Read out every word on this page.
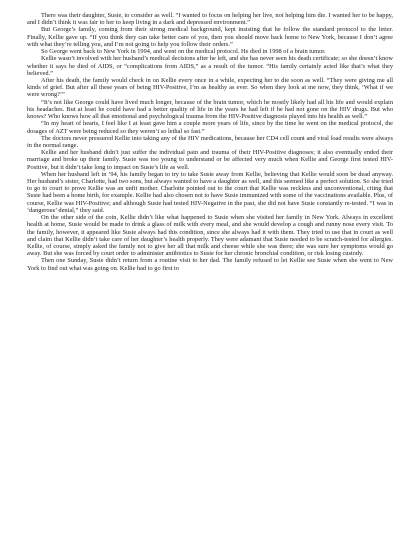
There was their daughter, Susie, to consider as well. “I wanted to focus on helping her live, not helping him die. I wanted her to be happy, and I didn’t think it was fair to her to keep living in a dark and depressed environment.”

But George’s family, coming from their strong medical background, kept insisting that he follow the standard protocol to the letter. Finally, Kellie gave up. “If you think they can take better care of you, then you should move back home to New York, because I don’t agree with what they’re telling you, and I’m not going to help you follow their orders.”

So George went back to New York in 1994, and went on the medical protocol. He died in 1998 of a brain tumor.

Kellie wasn’t involved with her husband’s medical decisions after he left, and she has never seen his death certificate; so she doesn’t know whether it says he died of AIDS, or “complications from AIDS,” as a result of the tumor. “His family certainly acted like that’s what they believed.”

After his death, the family would check in on Kellie every once in a while, expecting her to die soon as well. “They were giving me all kinds of grief. But after all these years of being HIV-Positive, I’m as healthy as ever. So when they look at me now, they think, ‘What if we were wrong?’”

“It’s not like George could have lived much longer, because of the brain tumor, which he mostly likely had all his life and would explain his headaches. But at least he could have had a better quality of life in the years he had left if he had not gone on the HIV drugs. But who knows? Who knows how all that emotional and psychological trauma from the HIV-Positive diagnosis played into his health as well.”

“In my heart of hearts, I feel like I at least gave him a couple more years of life, since by the time he went on the medical protocol, the dosages of AZT were being reduced so they weren’t so lethal so fast.”

The doctors never pressured Kellie into taking any of the HIV medications, because her CD4 cell count and viral load results were always in the normal range.

Kellie and her husband didn’t just suffer the individual pain and trauma of their HIV-Positive diagnoses; it also eventually ended their marriage and broke up their family. Susie was too young to understand or be affected very much when Kellie and George first tested HIV-Positive, but it didn’t take long to impact on Susie’s life as well.

When her husband left in ’94, his family began to try to take Susie away from Kellie, believing that Kellie would soon be dead anyway. Her husband’s sister, Charlotte, had two sons, but always wanted to have a daughter as well, and this seemed like a perfect solution. So she tried to go to court to prove Kellie was an unfit mother. Charlotte pointed out to the court that Kellie was reckless and unconventional, citing that Susie had been a home birth, for example. Kellie had also chosen not to have Susie immunized with some of the vaccinations available. Plus, of course, Kellie was HIV-Positive; and although Susie had tested HIV-Negative in the past, she did not have Susie constantly re-tested. “I was in ‘dangerous’ denial,” they said.

On the other side of the coin, Kellie didn’t like what happened to Susie when she visited her family in New York. Always in excellent health at home, Susie would be made to drink a glass of milk with every meal, and she would develop a cough and runny nose every visit. To the family, however, it appeared like Susie always had this condition, since she always had it with them. They tried to use that in court as well and claim that Kellie didn’t take care of her daughter’s health properly. They were adamant that Susie needed to be scratch-tested for allergies. Kellie, of course, simply asked the family not to give her all that milk and cheese while she was there; she was sure her symptoms would go away. But she was forced by court order to administer antibiotics to Susie for her chronic bronchial condition, or risk losing custody.

Then one Sunday, Susie didn’t return from a routine visit to her dad. The family refused to let Kellie see Susie when she went to New York to find out what was going on. Kellie had to go first to
